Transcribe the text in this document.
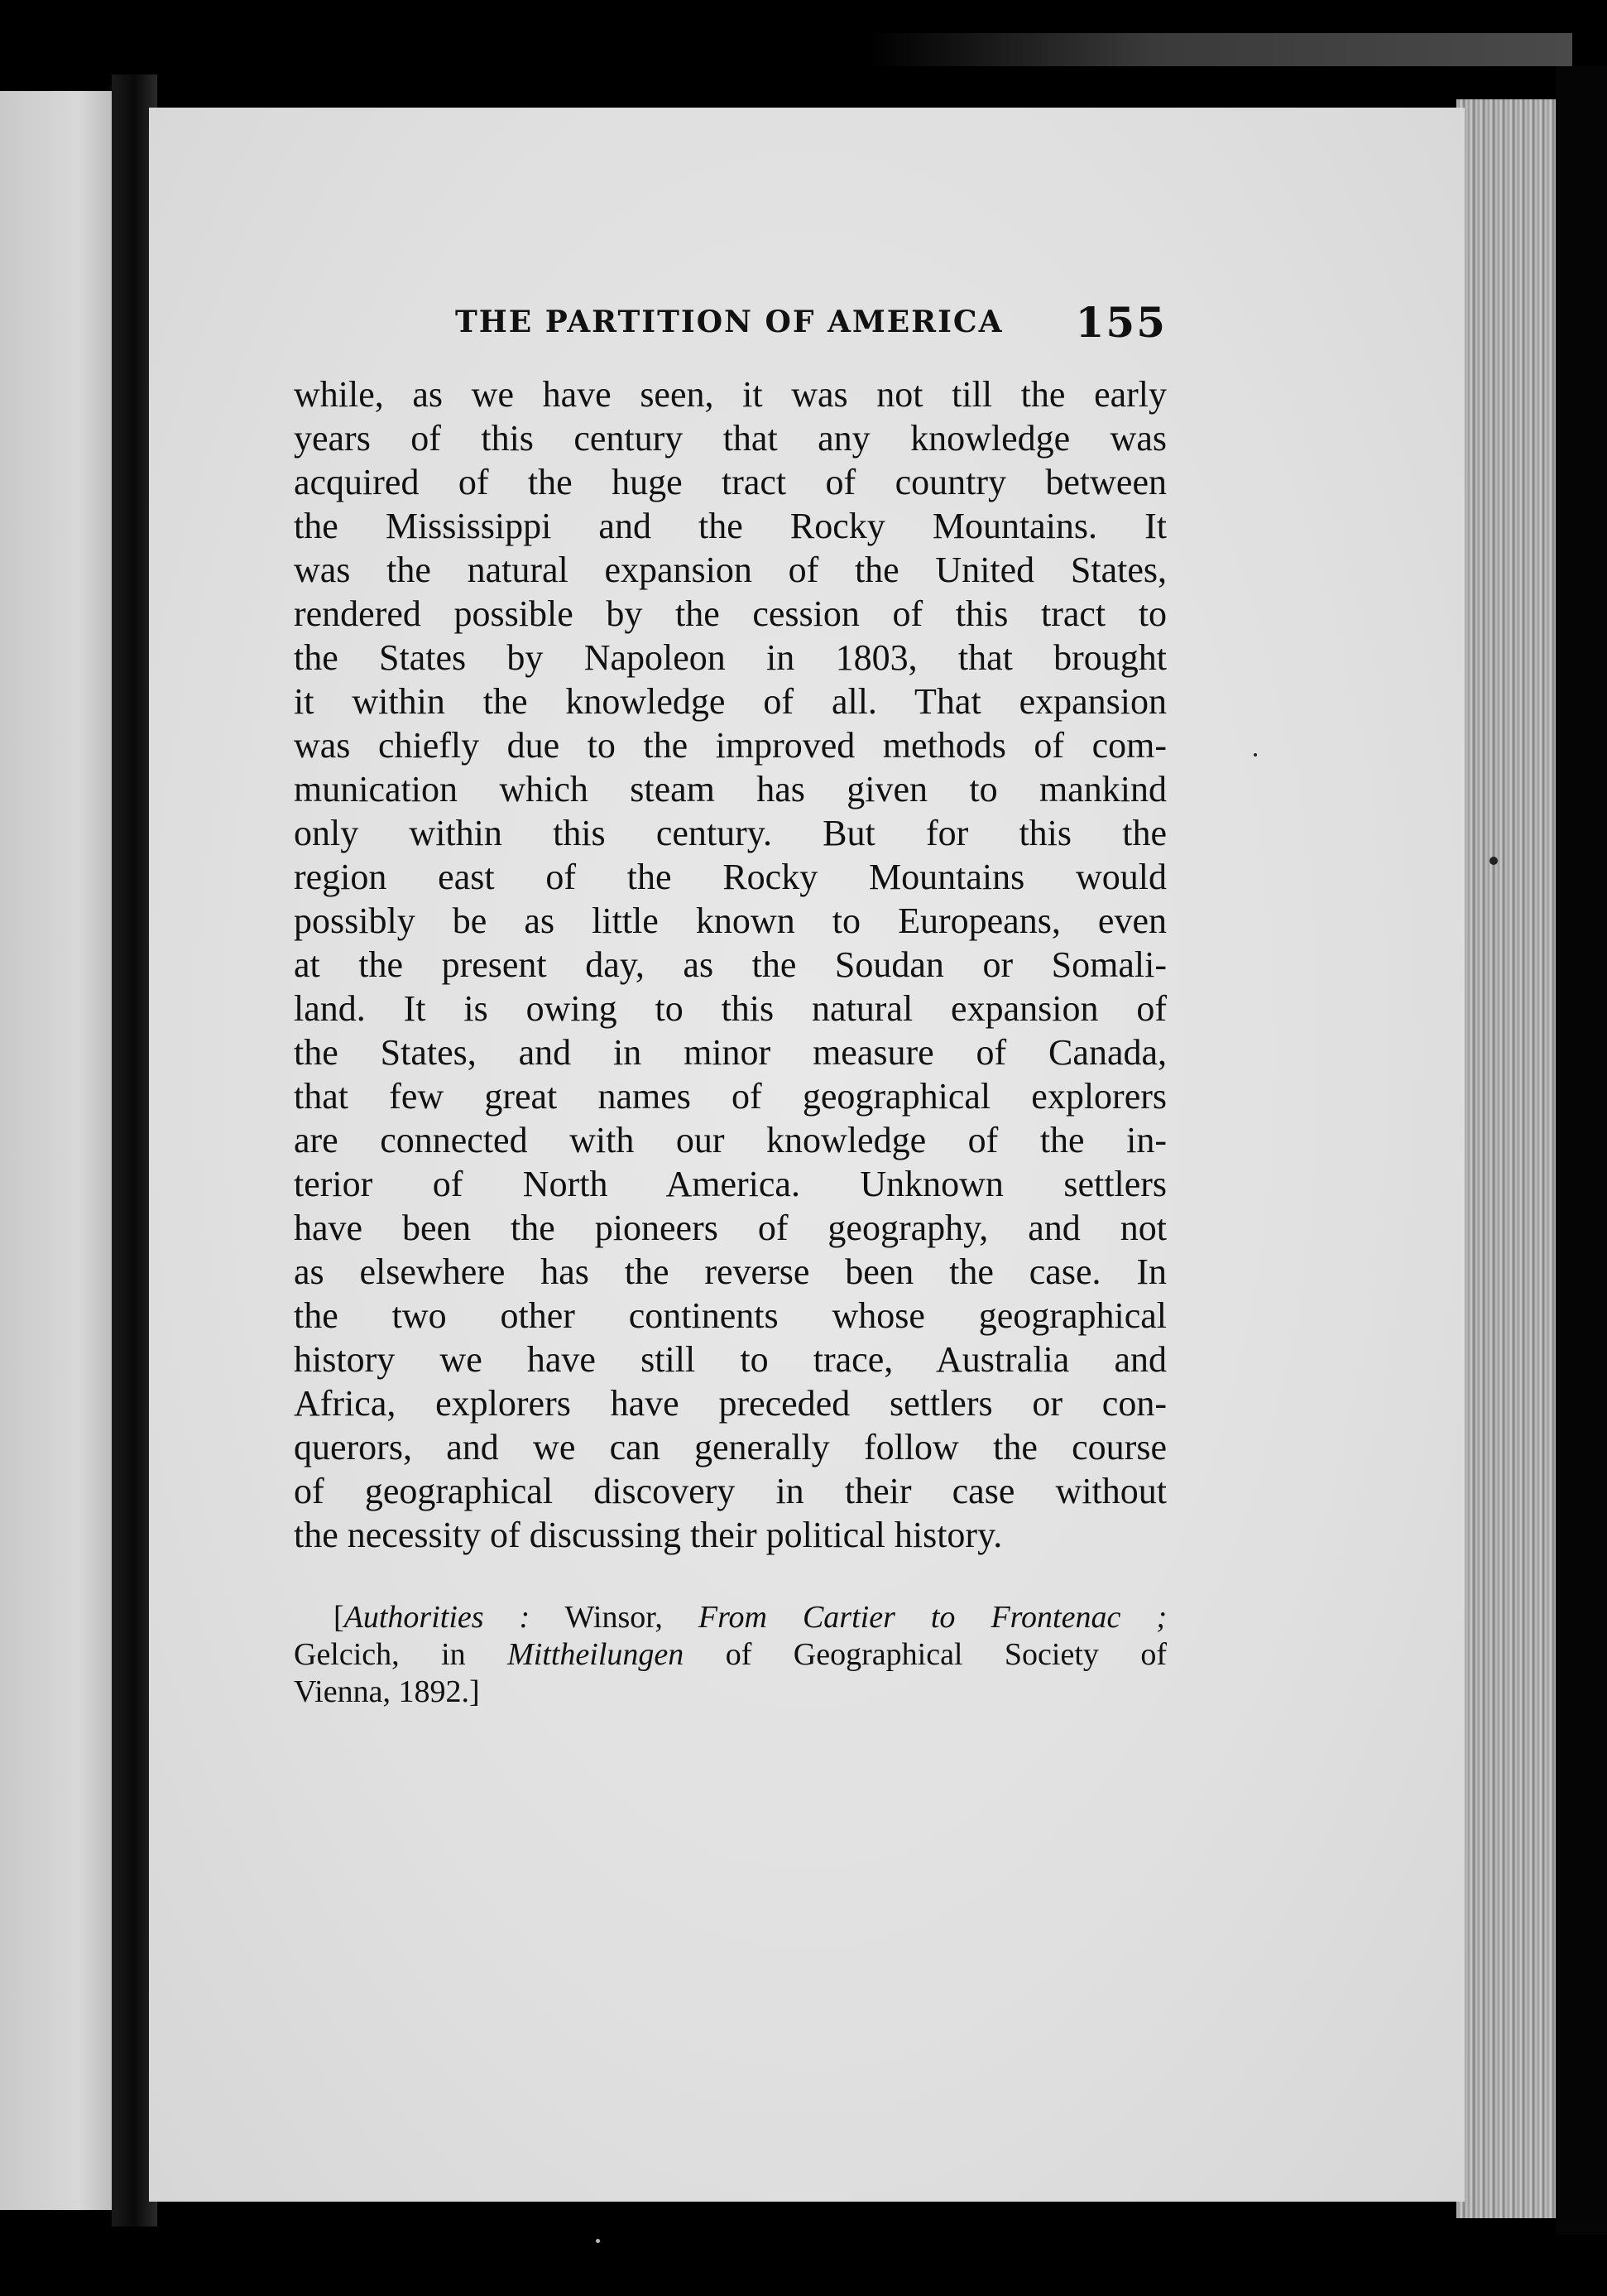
THE PARTITION OF AMERICA 155
while, as we have seen, it was not till the early
years of this century that any knowledge was
acquired of the huge tract of country between
the Mississippi and the Rocky Mountains. It
was the natural expansion of the United States,
rendered possible by the cession of this tract to
the States by Napoleon in 1803, that brought
it within the knowledge of all. That expansion
was chiefly due to the improved methods of com-
munication which steam has given to mankind
only within this century. But for this the
region east of the Rocky Mountains would
possibly be as little known to Europeans, even
at the present day, as the Soudan or Somali-
land. It is owing to this natural expansion of
the States, and in minor measure of Canada,
that few great names of geographical explorers
are connected with our knowledge of the in-
terior of North America. Unknown settlers
have been the pioneers of geography, and not
as elsewhere has the reverse been the case. In
the two other continents whose geographical
history we have still to trace, Australia and
Africa, explorers have preceded settlers or con-
querors, and we can generally follow the course
of geographical discovery in their case without
the necessity of discussing their political history.
[Authorities : Winsor, From Cartier to Frontenac ;
Gelcich, in Mittheilungen of Geographical Society of
Vienna, 1892.]
